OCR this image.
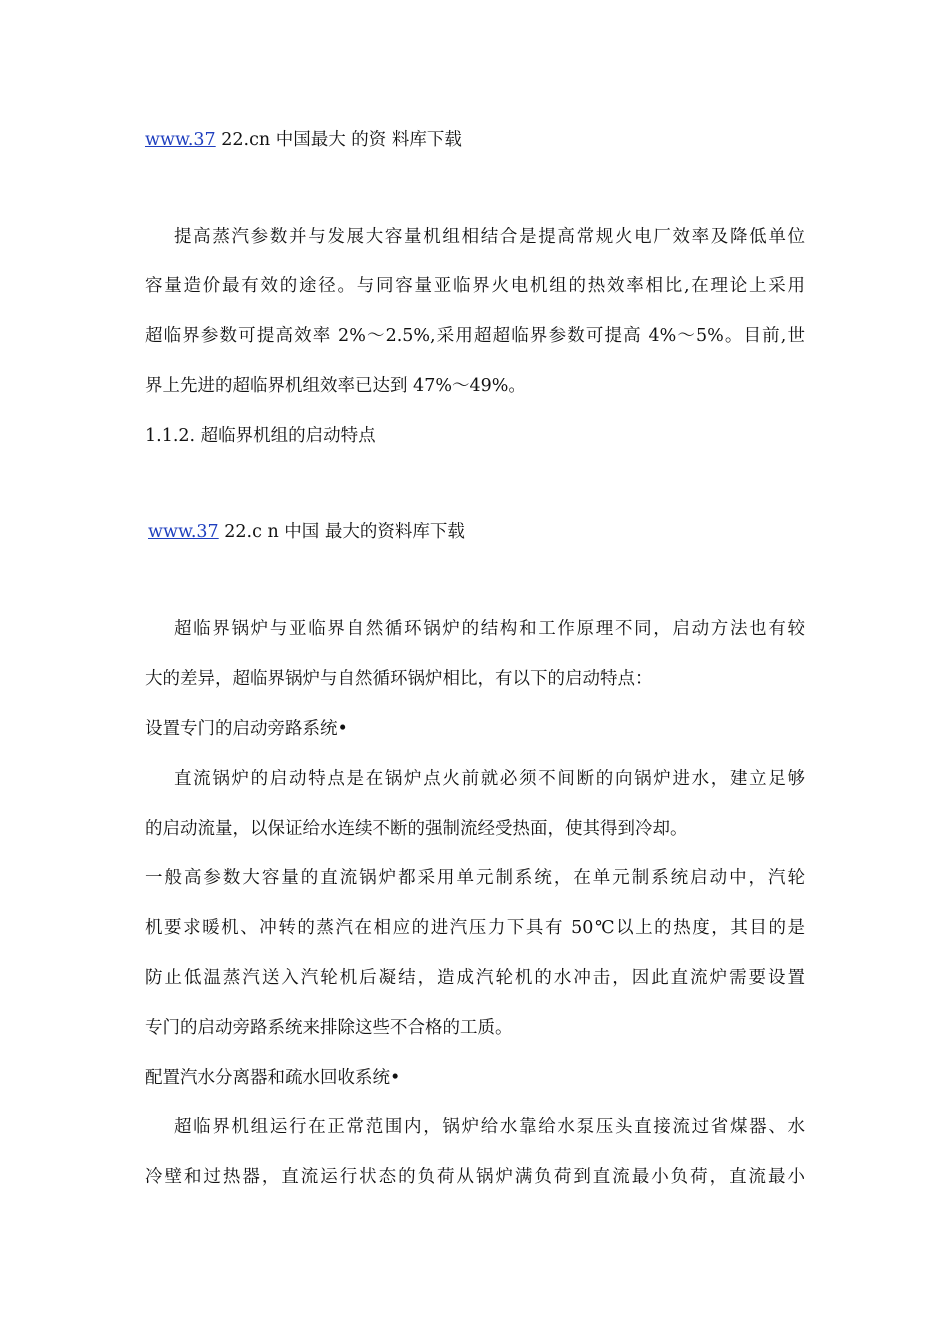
www.37 22.cn 中国最大 的资 料库下载
提高蒸汽参数并与发展大容量机组相结合是提高常规火电厂效率及降低单位
容量造价最有效的途径。与同容量亚临界火电机组的热效率相比,在理论上采用
超临界参数可提高效率 2%～2.5%,采用超超临界参数可提高 4%～5%。目前,世
界上先进的超临界机组效率已达到 47%～49%。
1.1.2. 超临界机组的启动特点
www.37 22.c n 中国 最大的资料库下载
超临界锅炉与亚临界自然循环锅炉的结构和工作原理不同，启动方法也有较
大的差异，超临界锅炉与自然循环锅炉相比，有以下的启动特点：
设置专门的启动旁路系统•
直流锅炉的启动特点是在锅炉点火前就必须不间断的向锅炉进水，建立足够
的启动流量，以保证给水连续不断的强制流经受热面，使其得到冷却。
一般高参数大容量的直流锅炉都采用单元制系统，在单元制系统启动中，汽轮
机要求暖机、冲转的蒸汽在相应的进汽压力下具有 50℃以上的热度，其目的是
防止低温蒸汽送入汽轮机后凝结，造成汽轮机的水冲击，因此直流炉需要设置
专门的启动旁路系统来排除这些不合格的工质。
配置汽水分离器和疏水回收系统•
超临界机组运行在正常范围内，锅炉给水靠给水泵压头直接流过省煤器、水
冷壁和过热器，直流运行状态的负荷从锅炉满负荷到直流最小负荷，直流最小
